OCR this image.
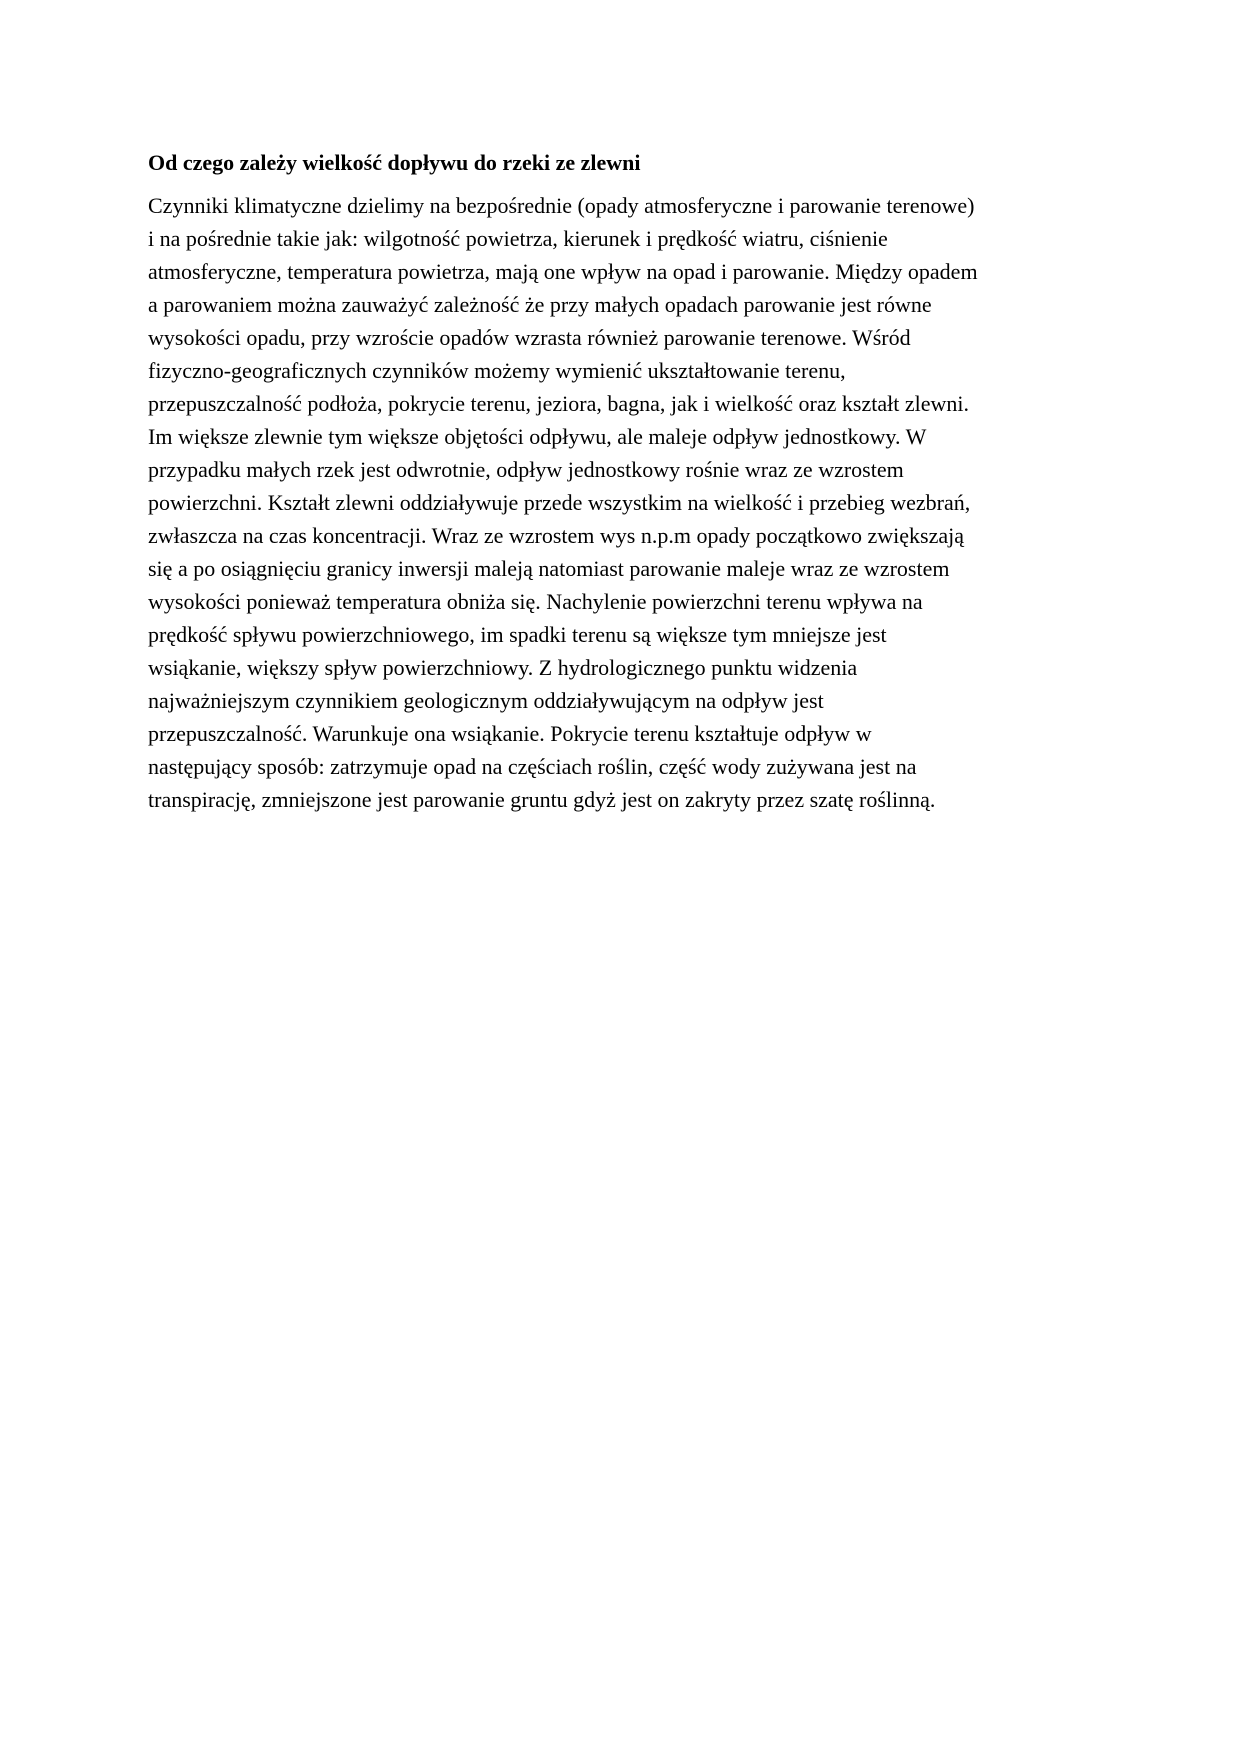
Od czego zależy wielkość dopływu do rzeki ze zlewni
Czynniki klimatyczne dzielimy na bezpośrednie (opady atmosferyczne i parowanie terenowe)
i na pośrednie takie jak: wilgotność powietrza, kierunek i prędkość wiatru, ciśnienie
atmosferyczne, temperatura powietrza, mają one wpływ na opad i parowanie. Między opadem
a parowaniem można zauważyć zależność że przy małych opadach parowanie jest równe
wysokości opadu, przy wzroście opadów wzrasta również parowanie terenowe. Wśród
fizyczno-geograficznych czynników możemy wymienić ukształtowanie terenu,
przepuszczalność podłoża, pokrycie terenu, jeziora, bagna, jak i wielkość oraz kształt zlewni.
Im większe zlewnie tym większe objętości odpływu, ale maleje odpływ jednostkowy. W
przypadku małych rzek jest odwrotnie, odpływ jednostkowy rośnie wraz ze wzrostem
powierzchni. Kształt zlewni oddziaływuje przede wszystkim na wielkość i przebieg wezbrań,
zwłaszcza na czas koncentracji. Wraz ze wzrostem wys n.p.m opady początkowo zwiększają
się a po osiągnięciu granicy inwersji maleją natomiast parowanie maleje wraz ze wzrostem
wysokości ponieważ temperatura obniża się. Nachylenie powierzchni terenu wpływa na
prędkość spływu powierzchniowego, im spadki terenu są większe tym mniejsze jest
wsiąkanie, większy spływ powierzchniowy. Z hydrologicznego punktu widzenia
najważniejszym czynnikiem geologicznym oddziaływującym na odpływ jest
przepuszczalność. Warunkuje ona wsiąkanie. Pokrycie terenu kształtuje odpływ w
następujący sposób: zatrzymuje opad na częściach roślin, część wody zużywana jest na
transpirację, zmniejszone jest parowanie gruntu gdyż jest on zakryty przez szatę roślinną.
